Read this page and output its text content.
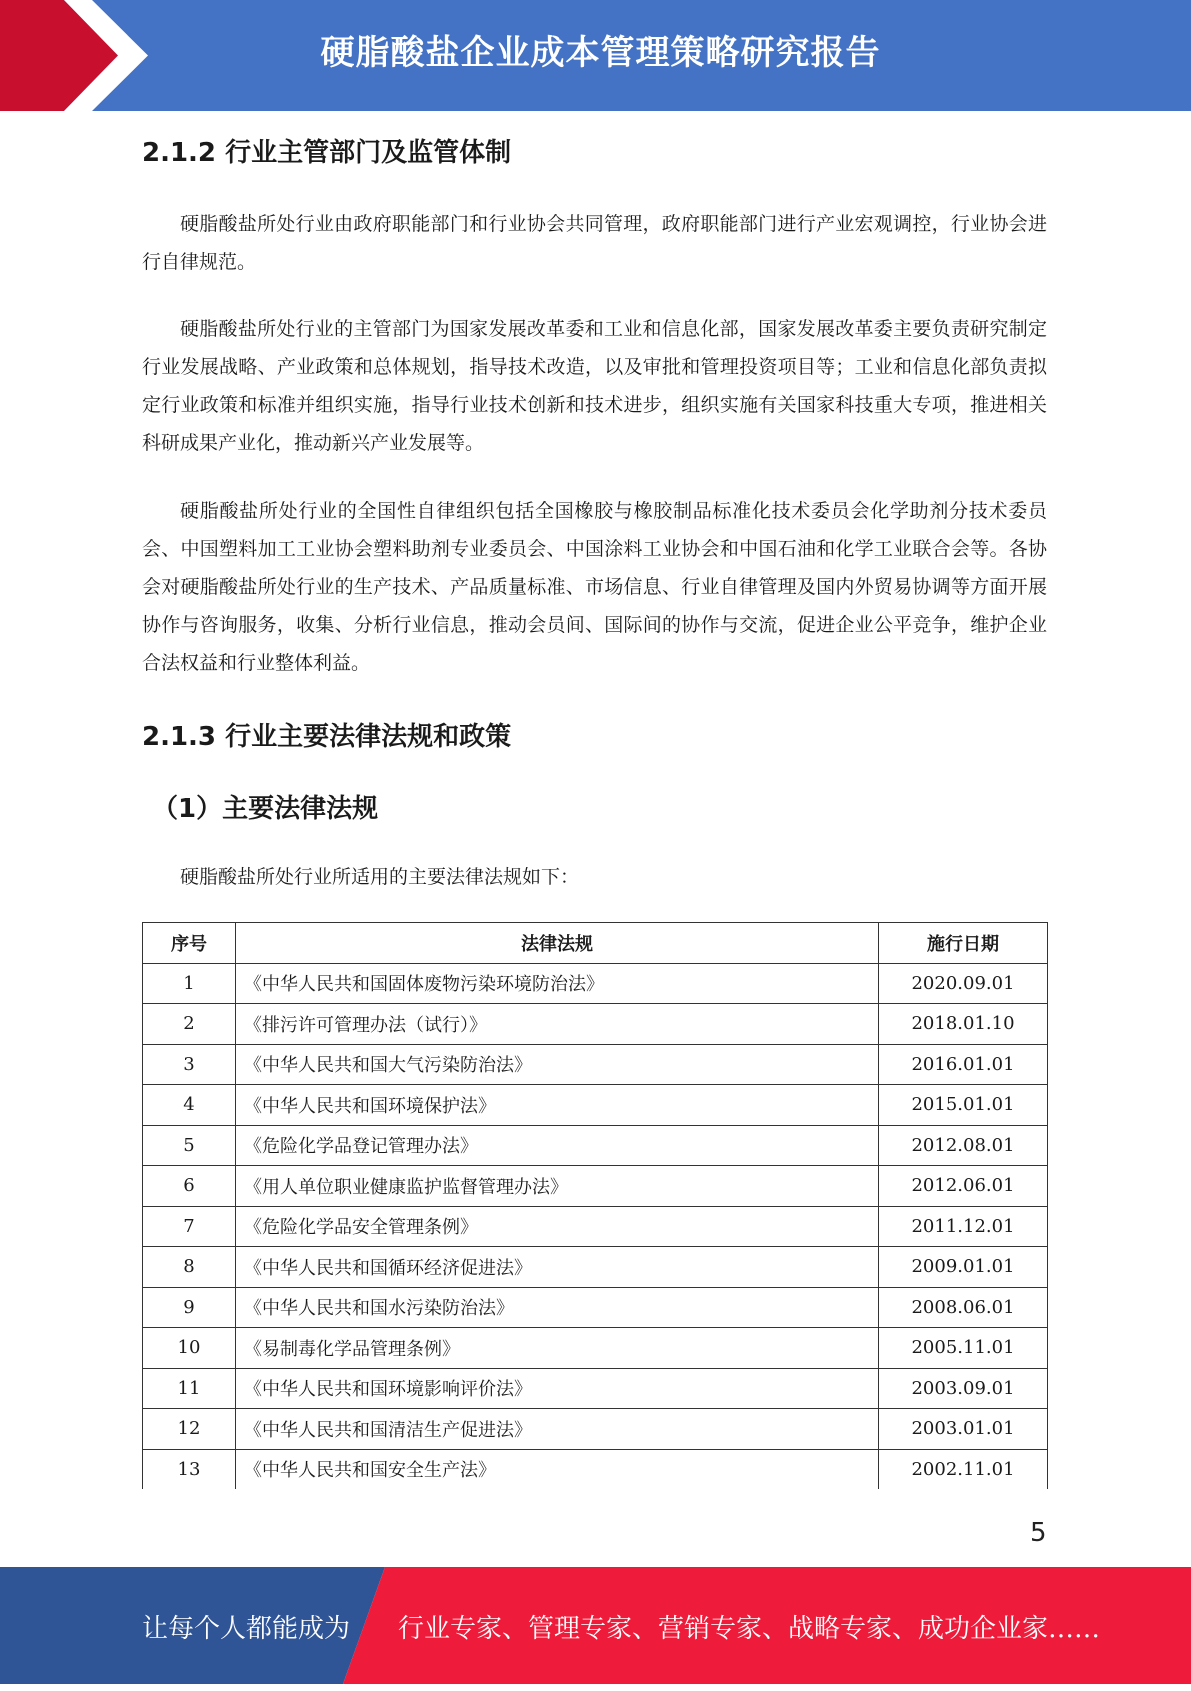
硬脂酸盐企业成本管理策略研究报告
2.1.2 行业主管部门及监管体制

硬脂酸盐所处行业由政府职能部门和行业协会共同管理，政府职能部门进行产业宏观调控，行业协会进行自律规范。

硬脂酸盐所处行业的主管部门为国家发展改革委和工业和信息化部，国家发展改革委主要负责研究制定行业发展战略、产业政策和总体规划，指导技术改造，以及审批和管理投资项目等；工业和信息化部负责拟定行业政策和标准并组织实施，指导行业技术创新和技术进步，组织实施有关国家科技重大专项，推进相关科研成果产业化，推动新兴产业发展等。

硬脂酸盐所处行业的全国性自律组织包括全国橡胶与橡胶制品标准化技术委员会化学助剂分技术委员会、中国塑料加工工业协会塑料助剂专业委员会、中国涂料工业协会和中国石油和化学工业联合会等。各协会对硬脂酸盐所处行业的生产技术、产品质量标准、市场信息、行业自律管理及国内外贸易协调等方面开展协作与咨询服务，收集、分析行业信息，推动会员间、国际间的协作与交流，促进企业公平竞争，维护企业合法权益和行业整体利益。

2.1.3 行业主要法律法规和政策
（1）主要法律法规

硬脂酸盐所处行业所适用的主要法律法规如下：

序号	法律法规	施行日期
1	《中华人民共和国固体废物污染环境防治法》	2020.09.01
2	《排污许可管理办法（试行）》	2018.01.10
3	《中华人民共和国大气污染防治法》	2016.01.01
4	《中华人民共和国环境保护法》	2015.01.01
5	《危险化学品登记管理办法》	2012.08.01
6	《用人单位职业健康监护监督管理办法》	2012.06.01
7	《危险化学品安全管理条例》	2011.12.01
8	《中华人民共和国循环经济促进法》	2009.01.01
9	《中华人民共和国水污染防治法》	2008.06.01
10	《易制毒化学品管理条例》	2005.11.01
11	《中华人民共和国环境影响评价法》	2003.09.01
12	《中华人民共和国清洁生产促进法》	2003.01.01
13	《中华人民共和国安全生产法》	2002.11.01
5
让每个人都能成为 行业专家、管理专家、营销专家、战略专家、成功企业家……
